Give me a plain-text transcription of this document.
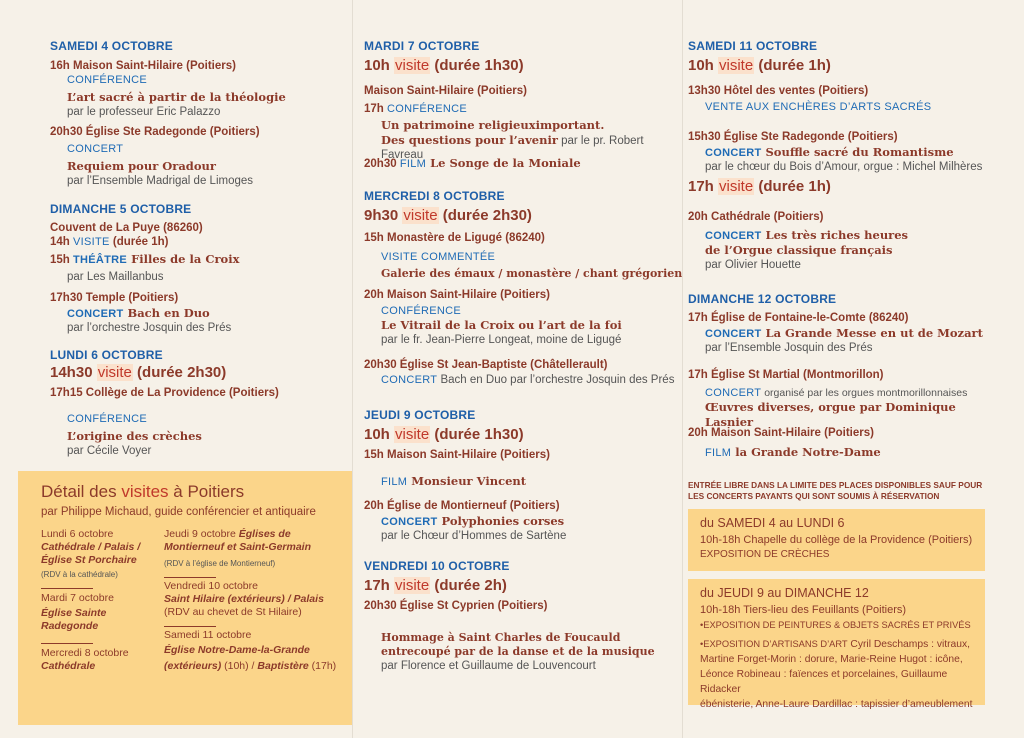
SAMEDI 4 OCTOBRE
16h Maison Saint-Hilaire (Poitiers)
CONFÉRENCE

L’art sacré à partir de la théologie
par le professeur Eric Palazzo
20h30 Église Ste Radegonde (Poitiers)

CONCERT
Requiem pour Oradour
par l’Ensemble Madrigal de Limoges
DIMANCHE 5 OCTOBRE
Couvent de La Puye (86260)
14h VISITE (durée 1h)

15h THÉÂTRE Filles de la Croix
par Les Maillanbus
17h30 Temple (Poitiers)

CONCERT Bach en Duo
par l’orchestre Josquin des Prés
LUNDI 6 OCTOBRE
14h30 visite (durée 2h30)
17h15 Collège de La Providence (Poitiers)
CONFÉRENCE
L’origine des crèches
par Cécile Voyer
Détail des visites à Poitiers
par Philippe Michaud, guide conférencier et antiquaire
Lundi 6 octobre
Cathédrale / Palais / Église St Porchaire
(RDV à la cathédrale)
Mardi 7 octobre
Église Sainte Radegonde
Mercredi 8 octobre
Cathédrale
Jeudi 9 octobre Églises de Montierneuf et Saint-Germain
(RDV à l’église de Montierneuf)
Vendredi 10 octobre
Saint Hilaire (extérieurs) / Palais
(RDV au chevet de St Hilaire)
Samedi 11 octobre
Église Notre-Dame-la-Grande (extérieurs) (10h) / Baptistère (17h)
MARDI 7 OCTOBRE
10h visite (durée 1h30)
Maison Saint-Hilaire (Poitiers)

17h CONFÉRENCE
Un patrimoine religieuximportant.
Des questions pour l’avenir par le pr. Robert Favreau
20h30 FILM Le Songe de la Moniale
MERCREDI 8 OCTOBRE
9h30 visite (durée 2h30)
15h Monastère de Ligugé (86240)
VISITE COMMENTÉE
Galerie des émaux / monastère / chant grégorien
20h Maison Saint-Hilaire (Poitiers)
CONFÉRENCE
Le Vitrail de la Croix ou l’art de la foi
par le fr. Jean-Pierre Longeat, moine de Ligugé
20h30 Église St Jean-Baptiste (Châtellerault)
CONCERT Bach en Duo par l’orchestre Josquin des Prés
JEUDI 9 OCTOBRE
10h visite (durée 1h30)
15h Maison Saint-Hilaire (Poitiers)
FILM Monsieur Vincent
20h Église de Montierneuf (Poitiers)
CONCERT Polyphonies corses
par le Chœur d’Hommes de Sartène
VENDREDI 10 OCTOBRE
17h visite (durée 2h)
20h30 Église St Cyprien (Poitiers)
Hommage à Saint Charles de Foucauld
entrecoupé par de la danse et de la musique
par Florence et Guillaume de Louvencourt
SAMEDI 11 OCTOBRE
10h visite (durée 1h)
13h30 Hôtel des ventes (Poitiers)
VENTE AUX ENCHÈRES D’ARTS SACRÉS
15h30 Église Ste Radegonde (Poitiers)
CONCERT Souffle sacré du Romantisme
par le chœur du Bois d’Amour, orgue : Michel Milhères
17h visite (durée 1h)
20h Cathédrale (Poitiers)
CONCERT Les très riches heures
de l’Orgue classique français
par Olivier Houette
DIMANCHE 12 OCTOBRE
17h Église de Fontaine-le-Comte (86240)
CONCERT La Grande Messe en ut de Mozart
par l’Ensemble Josquin des Prés
17h Église St Martial (Montmorillon)
CONCERT organisé par les orgues montmorillonnaises
Œuvres diverses, orgue par Dominique Lasnier
20h Maison Saint-Hilaire (Poitiers)
FILM la Grande Notre-Dame
ENTRÉE LIBRE DANS LA LIMITE DES PLACES DISPONIBLES SAUF POUR
LES CONCERTS PAYANTS QUI SONT SOUMIS À RÉSERVATION
du SAMEDI 4 au LUNDI 6
10h-18h Chapelle du collège de la Providence (Poitiers)
EXPOSITION DE CRÈCHES
du JEUDI 9 au DIMANCHE 12
10h-18h Tiers-lieu des Feuillants (Poitiers)
•EXPOSITION DE PEINTURES & OBJETS SACRÉS ET PRIVÉS
•EXPOSITION D’ARTISANS D’ART Cyril Deschamps : vitraux,
Martine Forget-Morin : dorure, Marie-Reine Hugot : icône,
Léonce Robineau : faïences et porcelaines, Guillaume Ridacker
ébénisterie, Anne-Laure Dardillac : tapissier d’ameublement
